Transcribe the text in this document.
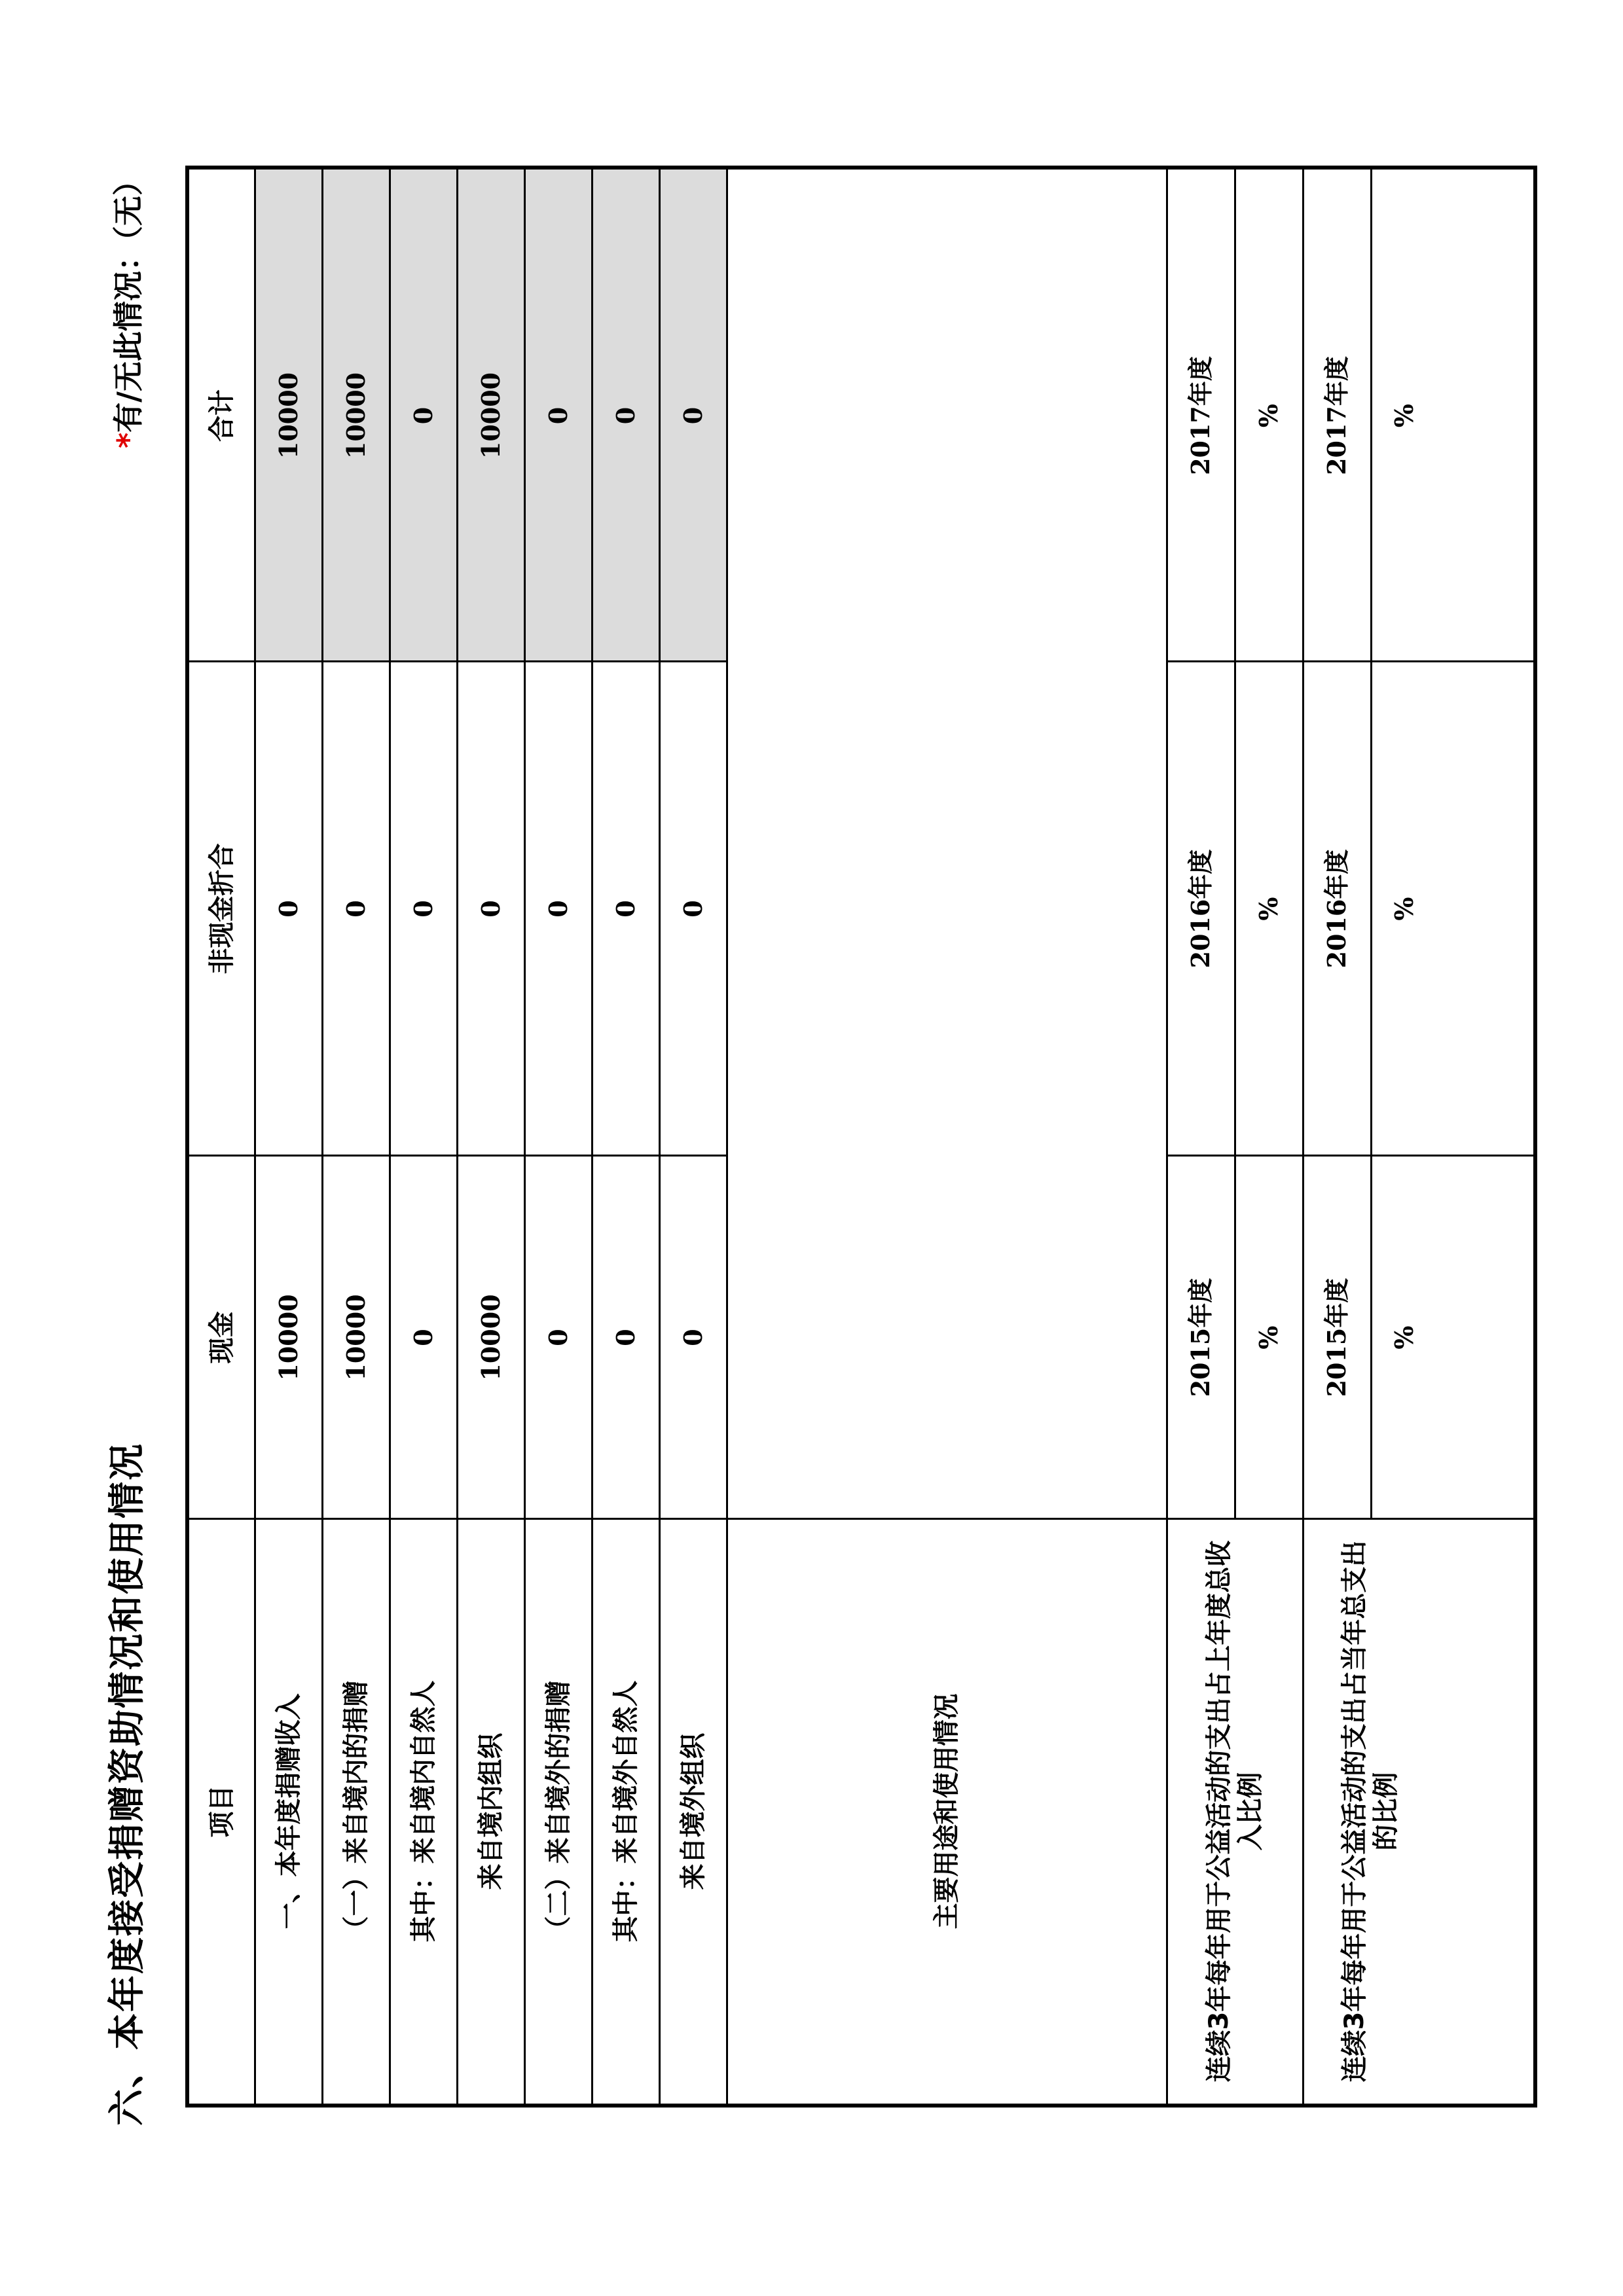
六、本年度接受捐赠资助情况和使用情况
*有/无此情况：（无）
项目
现金
非现金折合
合计
一、本年度捐赠收入
10000
0
10000
（一）来自境内的捐赠
10000
0
10000
其中：来自境内自然人
0
0
0
来自境内组织
10000
0
10000
（二）来自境外的捐赠
0
0
0
其中：来自境外自然人
0
0
0
来自境外组织
0
0
0
主要用途和使用情况	连续3年每年用于公益活动的支出占上年度总收入比例
2015年度
2016年度
2017年度
%
%
%
连续3年每年用于公益活动的支出占当年总支出的比例
2015年度
2016年度
2017年度
%
%
%
